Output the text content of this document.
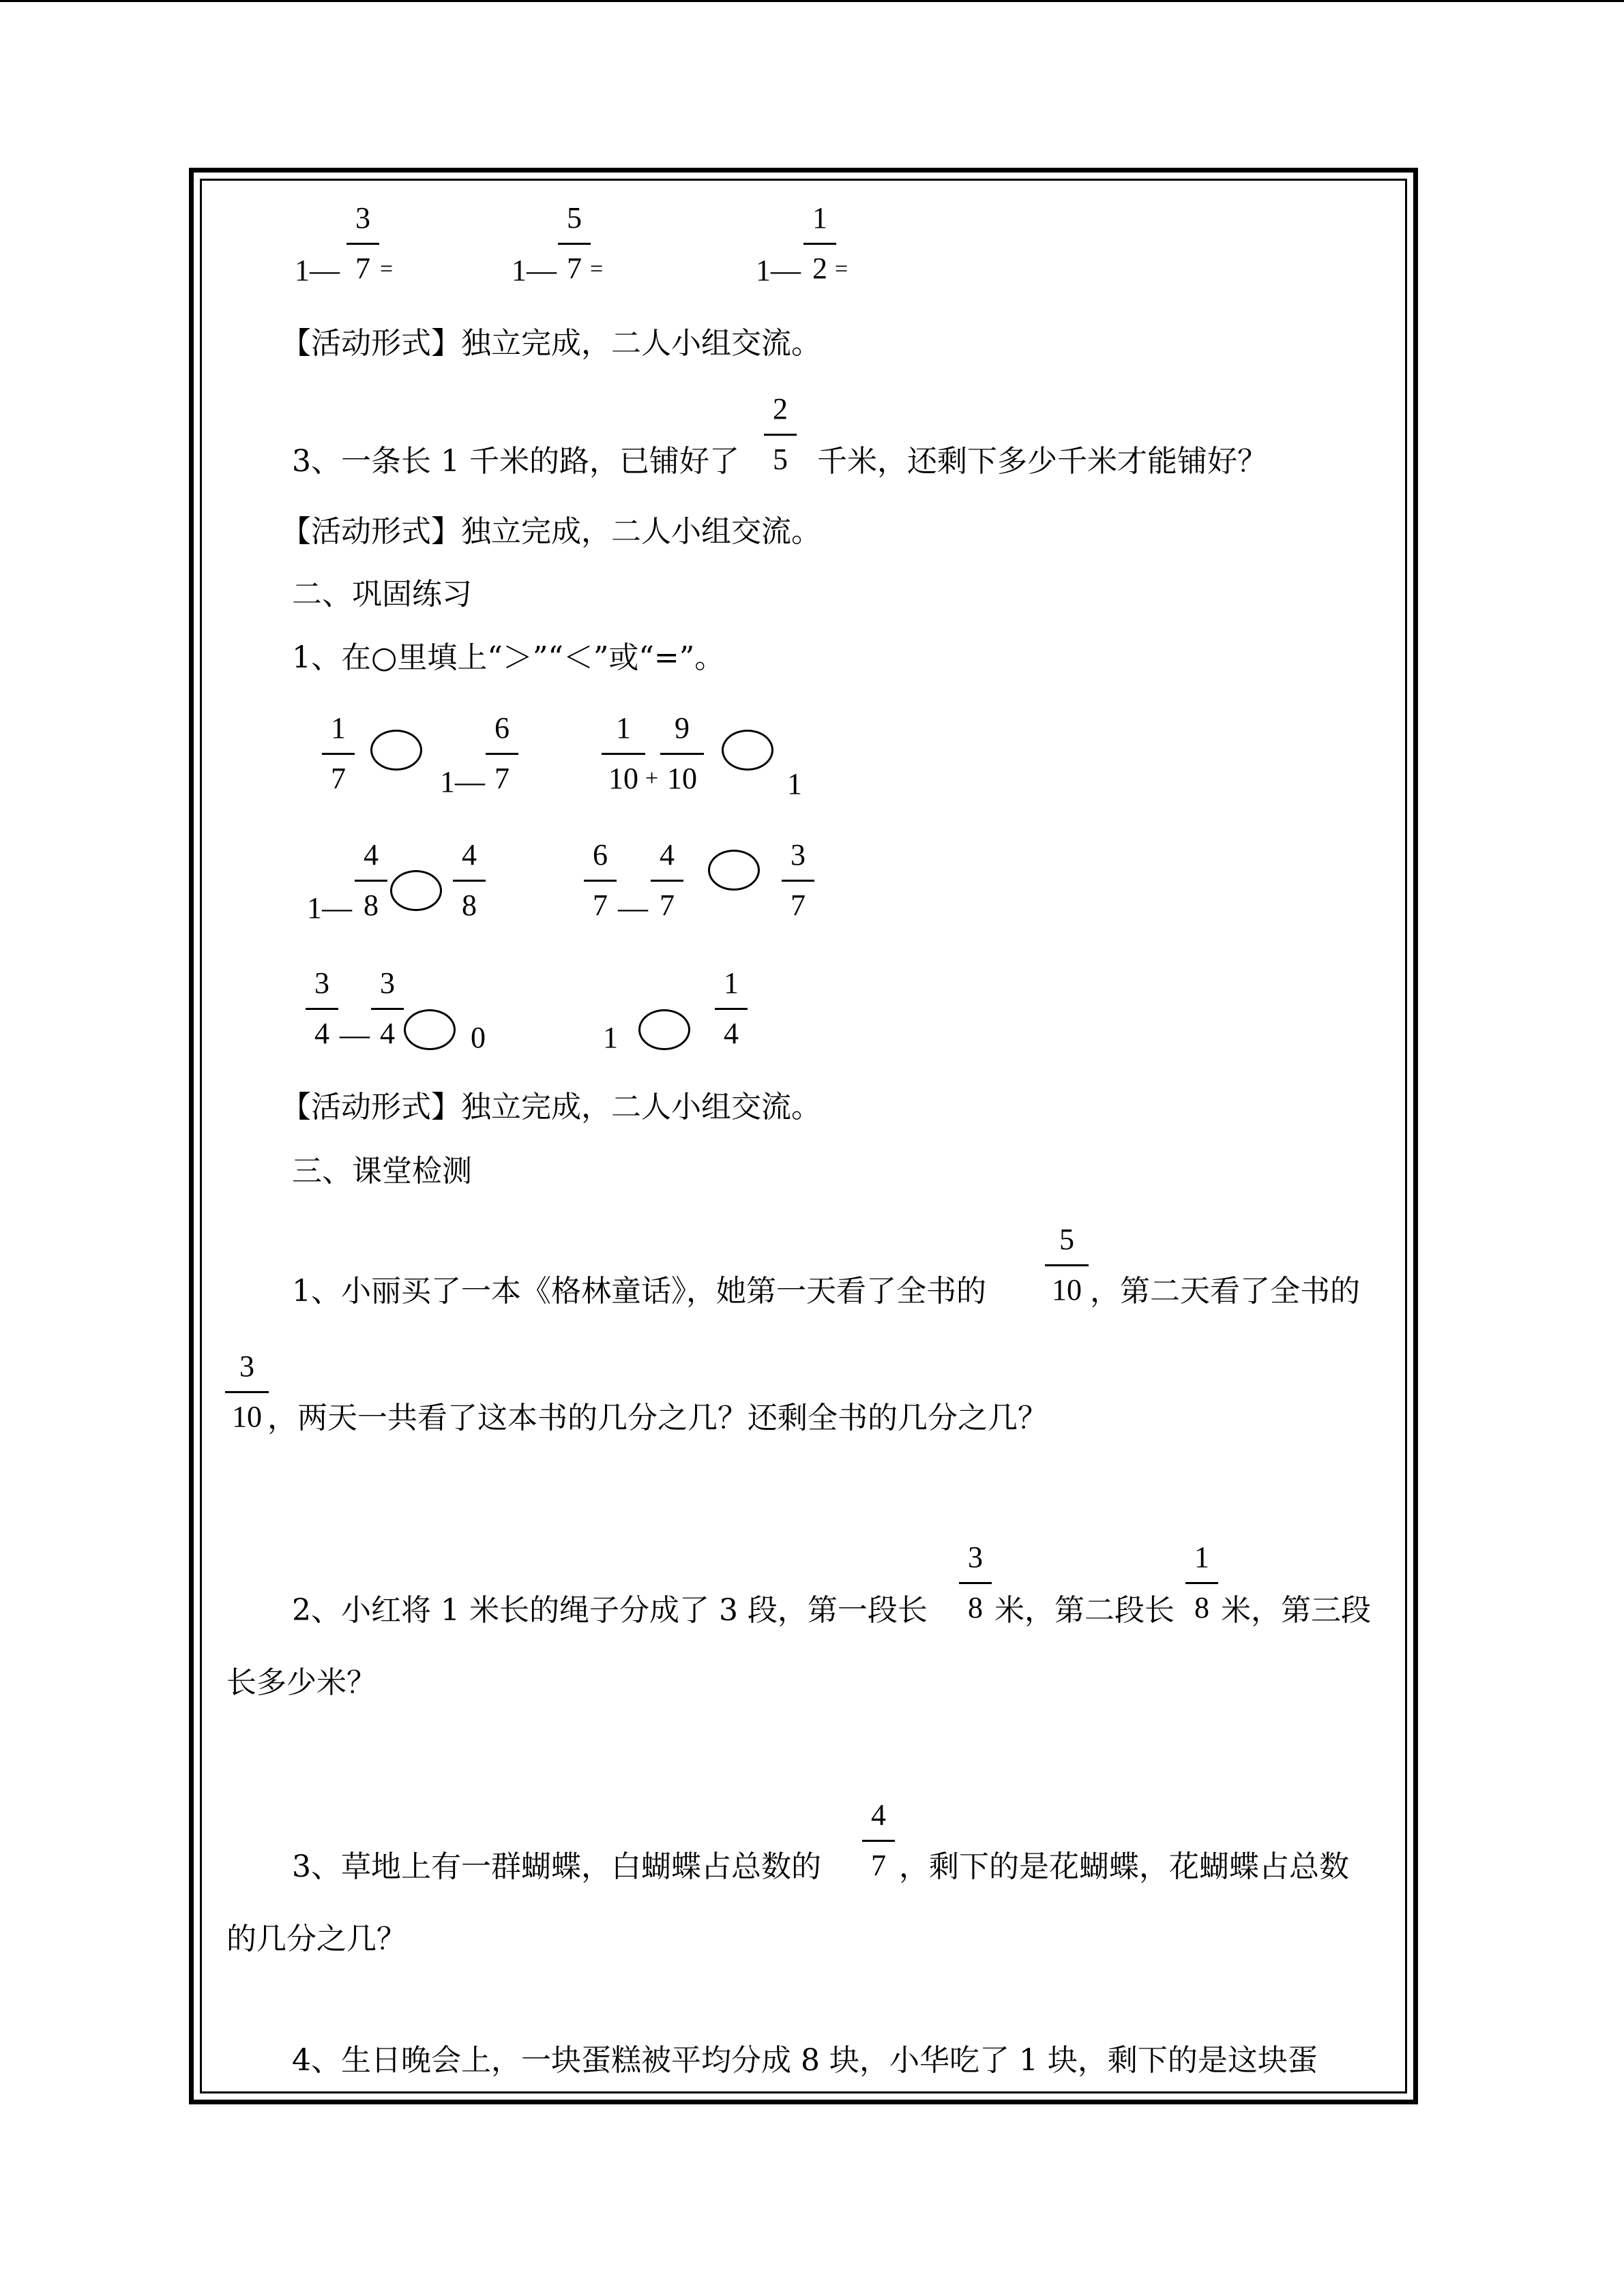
1—
3
7 =	1—
5
7 =	1—
1
2 =
【活动形式】独立完成，二人小组交流。
3、一条长 1 千米的路，已铺好了
2
5 千米，还剩下多少千米才能铺好？
【活动形式】独立完成，二人小组交流。
二、巩固练习
1、在○里填上“＞”“＜”或“=”。
1
7	1—
6
7
1
10 +
9
10	1
1—
4
8
4
8
6
7 —
4
7
3
7
3
4 —
3
4	0	1
1
4
【活动形式】独立完成，二人小组交流。
三、课堂检测
1、小丽买了一本《格林童话》，她第一天看了全书的
5
10 ，第二天看了全书的
3
10 ，两天一共看了这本书的几分之几？还剩全书的几分之几？
2、小红将 1 米长的绳子分成了 3 段，第一段长
3
8 米，第二段长
1
8 米，第三段
长多少米？
3、草地上有一群蝴蝶，白蝴蝶占总数的
4
7 ，剩下的是花蝴蝶，花蝴蝶占总数
的几分之几？
4、生日晚会上，一块蛋糕被平均分成 8 块，小华吃了 1 块，剩下的是这块蛋
